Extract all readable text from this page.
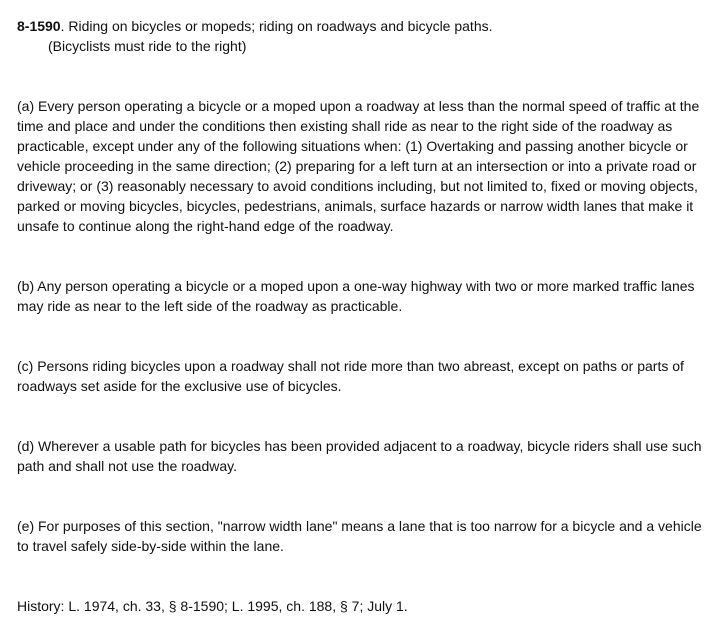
8-1590. Riding on bicycles or mopeds; riding on roadways and bicycle paths.

(Bicyclists must ride to the right)

(a) Every person operating a bicycle or a moped upon a roadway at less than the normal speed of traffic at the time and place and under the conditions then existing shall ride as near to the right side of the roadway as practicable, except under any of the following situations when: (1) Overtaking and passing another bicycle or vehicle proceeding in the same direction; (2) preparing for a left turn at an intersection or into a private road or driveway; or (3) reasonably necessary to avoid conditions including, but not limited to, fixed or moving objects, parked or moving bicycles, bicycles, pedestrians, animals, surface hazards or narrow width lanes that make it unsafe to continue along the right-hand edge of the roadway.

(b) Any person operating a bicycle or a moped upon a one-way highway with two or more marked traffic lanes may ride as near to the left side of the roadway as practicable.

(c) Persons riding bicycles upon a roadway shall not ride more than two abreast, except on paths or parts of roadways set aside for the exclusive use of bicycles.

(d) Wherever a usable path for bicycles has been provided adjacent to a roadway, bicycle riders shall use such path and shall not use the roadway.

(e) For purposes of this section, "narrow width lane" means a lane that is too narrow for a bicycle and a vehicle to travel safely side-by-side within the lane.

History: L. 1974, ch. 33, § 8-1590; L. 1995, ch. 188, § 7; July 1.
